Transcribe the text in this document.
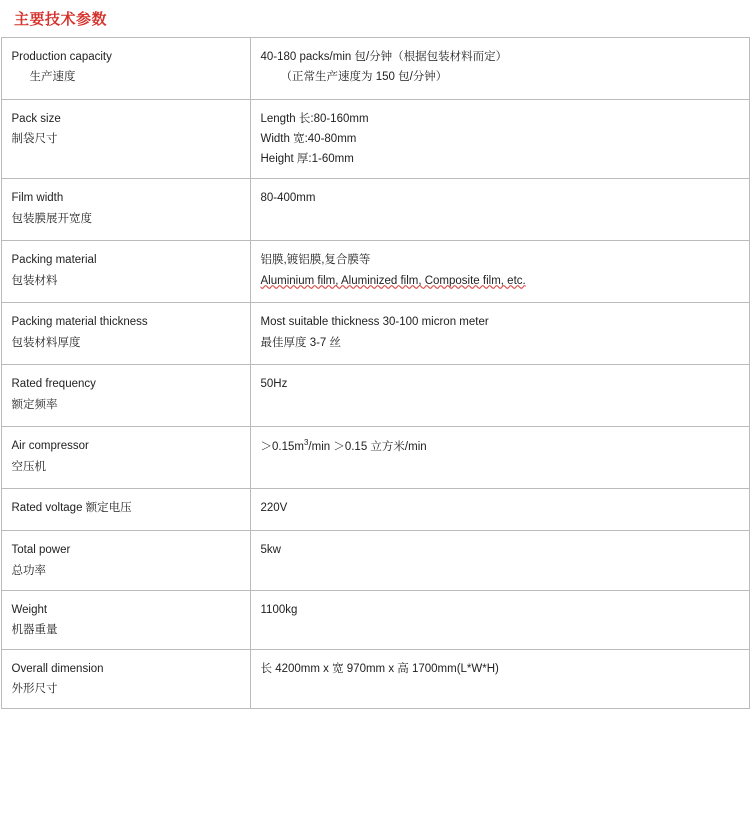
主要技术参数
Production capacity
生产速度	40-180 packs/min 包/分钟（根据包装材料而定）
（正常生产速度为 150 包/分钟）

Pack size
制袋尺寸	Length 长:80-160mm
Width 宽:40-80mm
Height 厚:1-60mm

Film width
包装膜展开宽度	80-400mm

Packing material
包装材料	铝膜,镀铝膜,复合膜等
Aluminium film, Aluminized film, Composite film, etc.

Packing material thickness
包装材料厚度	Most suitable thickness 30-100 micron meter
最佳厚度 3-7 丝

Rated frequency
额定频率	50Hz

Air compressor
空压机	$>0.15m^3/\min >0.15$ 立方米/min

Rated voltage 额定电压	220V

Total power
总功率	5kw

Weight
机器重量	1100kg

Overall dimension
外形尺寸	长 4200mm x 宽 970mm x 高 1700mm(L*W*H)
